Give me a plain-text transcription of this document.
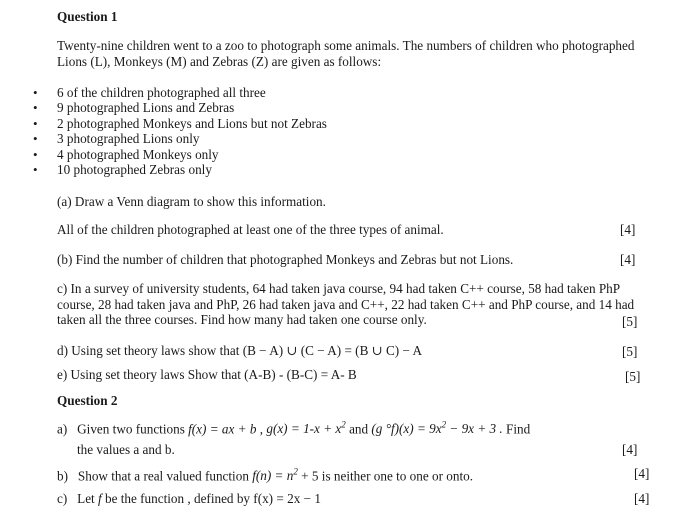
Question 1
Twenty-nine children went to a zoo to photograph some animals. The numbers of children who photographed
Lions (L), Monkeys (M) and Zebras (Z) are given as follows:
• 6 of the children photographed all three
• 9 photographed Lions and Zebras
• 2 photographed Monkeys and Lions but not Zebras
• 3 photographed Lions only
• 4 photographed Monkeys only
• 10 photographed Zebras only
(a) Draw a Venn diagram to show this information.
All of the children photographed at least one of the three types of animal.	[4]
(b) Find the number of children that photographed Monkeys and Zebras but not Lions.	[4]
c) In a survey of university students, 64 had taken java course, 94 had taken C++ course, 58 had taken PhP
course, 28 had taken java and PhP, 26 had taken java and C++, 22 had taken C++ and PhP course, and 14 had
taken all the three courses. Find how many had taken one course only.	[5]
d) Using set theory laws show that (B − A) ∪ (C − A) = (B ∪ C) − A	[5]
e) Using set theory laws Show that (A-B) - (B-C) = A- B	[5]
Question 2
a) Given two functions f(x) = ax + b , $g(x) = 1-x + x^2$ and (g $^\circ f)(x) = 9x^2 - 9x + 3$ . Find
the values a and b.	[4]
b) Show that a real valued function $f(n) = n^2 + 5$ is neither one to one or onto.	[4]
c) Let f be the function , defined by f(x) = 2x − 1	[4]
